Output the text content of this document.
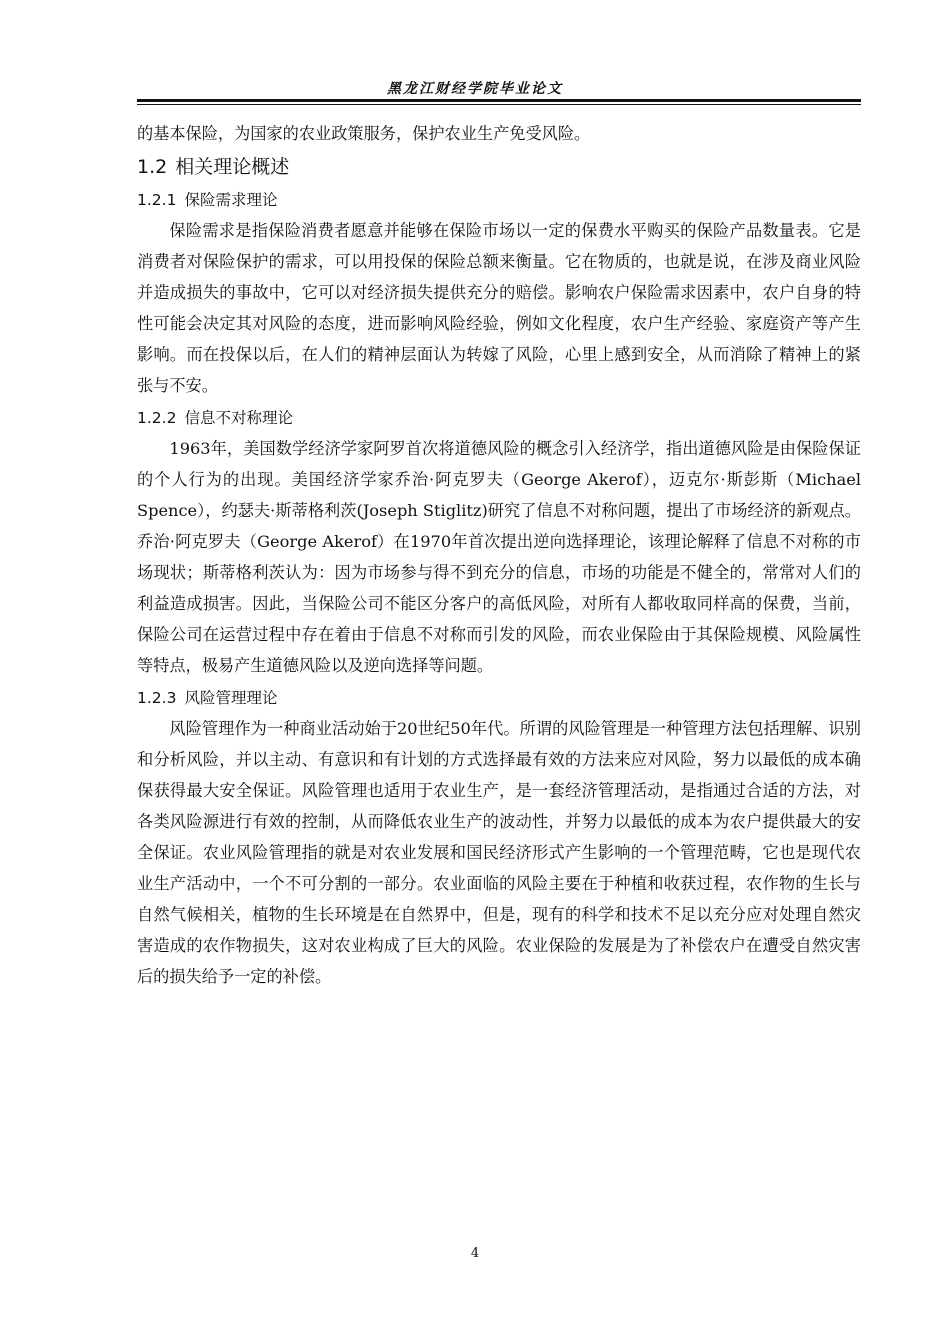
黑龙江财经学院毕业论文

的基本保险，为国家的农业政策服务，保护农业生产免受风险。

1.2 相关理论概述
1.2.1 保险需求理论

保险需求是指保险消费者愿意并能够在保险市场以一定的保费水平购买的保险产品数量表。它是消费者对保险保护的需求，可以用投保的保险总额来衡量。它在物质的，也就是说，在涉及商业风险并造成损失的事故中，它可以对经济损失提供充分的赔偿。影响农户保险需求因素中，农户自身的特性可能会决定其对风险的态度，进而影响风险经验，例如文化程度，农户生产经验、家庭资产等产生影响。而在投保以后，在人们的精神层面认为转嫁了风险，心里上感到安全，从而消除了精神上的紧张与不安。

1.2.2 信息不对称理论

1963年，美国数学经济学家阿罗首次将道德风险的概念引入经济学，指出道德风险是由保险保证的个人行为的出现。美国经济学家乔治·阿克罗夫（George Akerof），迈克尔·斯彭斯（Michael Spence），约瑟夫·斯蒂格利茨(Joseph Stiglitz)研究了信息不对称问题，提出了市场经济的新观点。乔治·阿克罗夫（George Akerof）在1970年首次提出逆向选择理论，该理论解释了信息不对称的市场现状；斯蒂格利茨认为：因为市场参与得不到充分的信息，市场的功能是不健全的，常常对人们的利益造成损害。因此，当保险公司不能区分客户的高低风险，对所有人都收取同样高的保费，当前，保险公司在运营过程中存在着由于信息不对称而引发的风险，而农业保险由于其保险规模、风险属性等特点，极易产生道德风险以及逆向选择等问题。

1.2.3 风险管理理论

风险管理作为一种商业活动始于20世纪50年代。所谓的风险管理是一种管理方法包括理解、识别和分析风险，并以主动、有意识和有计划的方式选择最有效的方法来应对风险，努力以最低的成本确保获得最大安全保证。风险管理也适用于农业生产，是一套经济管理活动，是指通过合适的方法，对各类风险源进行有效的控制，从而降低农业生产的波动性，并努力以最低的成本为农户提供最大的安全保证。农业风险管理指的就是对农业发展和国民经济形式产生影响的一个管理范畴，它也是现代农业生产活动中，一个不可分割的一部分。农业面临的风险主要在于种植和收获过程，农作物的生长与自然气候相关，植物的生长环境是在自然界中，但是，现有的科学和技术不足以充分应对处理自然灾害造成的农作物损失，这对农业构成了巨大的风险。农业保险的发展是为了补偿农户在遭受自然灾害后的损失给予一定的补偿。

4
